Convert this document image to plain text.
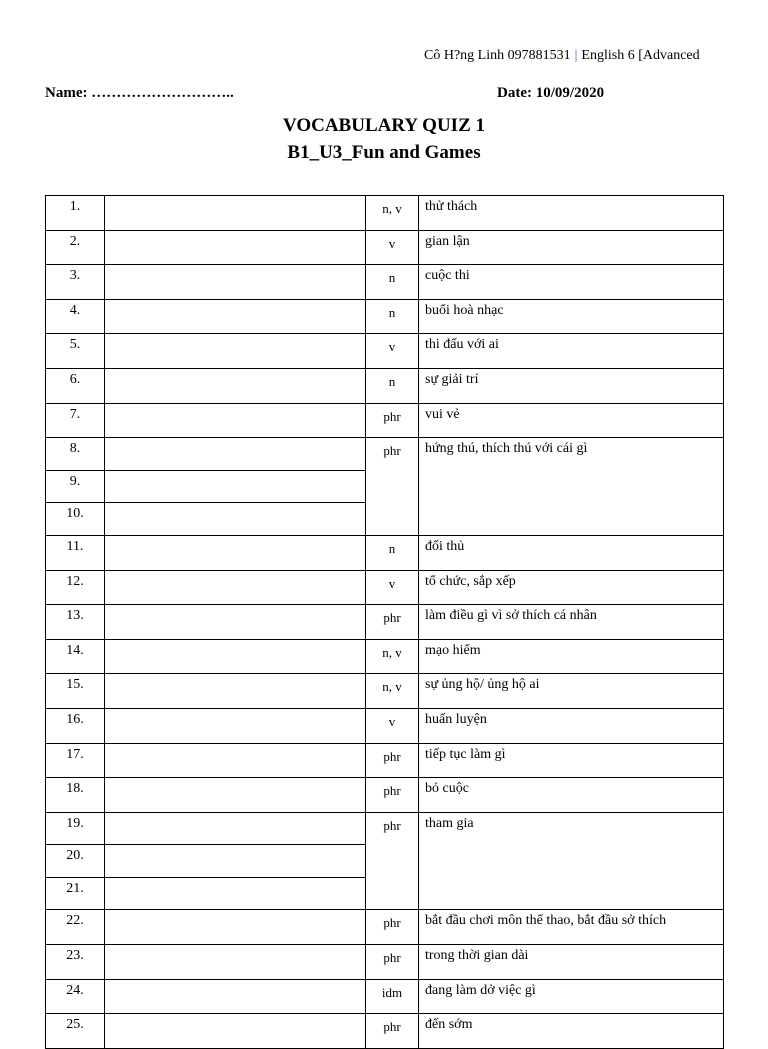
Cô H?ng Linh 097881531 | English 6 [Advanced
Name: ………………………..	Date: 10/09/2020
VOCABULARY QUIZ 1
B1_U3_Fun and Games
1.		n, v	thử thách
2.		v	gian lận
3.		n	cuộc thi
4.		n	buổi hoà nhạc
5.		v	thi đấu với ai
6.		n	sự giải trí
7.		phr	vui vẻ
8.		phr	hứng thú, thích thú với cái gì
9.			
10.			
11.		n	đối thủ
12.		v	tổ chức, sắp xếp
13.		phr	làm điều gì vì sở thích cá nhân
14.		n, v	mạo hiểm
15.		n, v	sự ủng hộ/ ủng hộ ai
16.		v	huấn luyện
17.		phr	tiếp tục làm gì
18.		phr	bỏ cuộc
19.		phr	tham gia
20.			
21.			
22.		phr	bắt đầu chơi môn thể thao, bắt đầu sở thích
23.		phr	trong thời gian dài
24.		idm	đang làm dở việc gì
25.		phr	đến sớm
